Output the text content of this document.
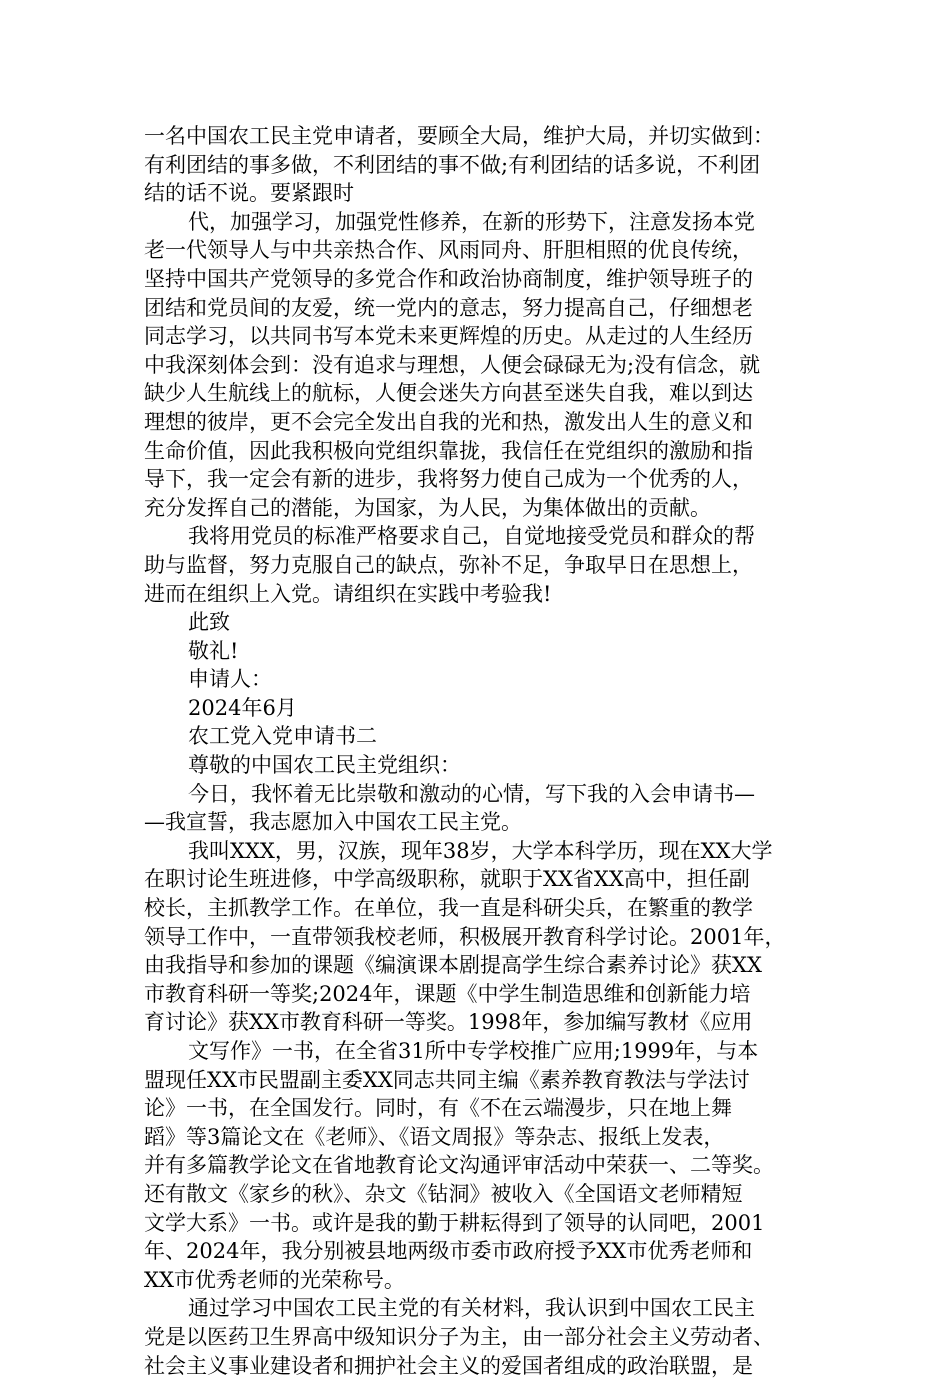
一名中国农工民主党申请者，要顾全大局，维护大局，并切实做到：
有利团结的事多做，不利团结的事不做;有利团结的话多说，不利团
结的话不说。要紧跟时
代，加强学习，加强党性修养，在新的形势下，注意发扬本党
老一代领导人与中共亲热合作、风雨同舟、肝胆相照的优良传统，
坚持中国共产党领导的多党合作和政治协商制度，维护领导班子的
团结和党员间的友爱，统一党内的意志，努力提高自己，仔细想老
同志学习，以共同书写本党未来更辉煌的历史。从走过的人生经历
中我深刻体会到：没有追求与理想，人便会碌碌无为;没有信念，就
缺少人生航线上的航标，人便会迷失方向甚至迷失自我，难以到达
理想的彼岸，更不会完全发出自我的光和热，激发出人生的意义和
生命价值，因此我积极向党组织靠拢，我信任在党组织的激励和指
导下，我一定会有新的进步，我将努力使自己成为一个优秀的人，
充分发挥自己的潜能，为国家，为人民，为集体做出的贡献。
我将用党员的标准严格要求自己，自觉地接受党员和群众的帮
助与监督，努力克服自己的缺点，弥补不足，争取早日在思想上，
进而在组织上入党。请组织在实践中考验我!
此致
敬礼!
申请人：
2024年6月
农工党入党申请书二
尊敬的中国农工民主党组织：
今日，我怀着无比崇敬和激动的心情，写下我的入会申请书—
—我宣誓，我志愿加入中国农工民主党。
我叫XXX，男，汉族，现年38岁，大学本科学历，现在XX大学
在职讨论生班进修，中学高级职称，就职于XX省XX高中，担任副
校长，主抓教学工作。在单位，我一直是科研尖兵，在繁重的教学
领导工作中，一直带领我校老师，积极展开教育科学讨论。2001年，
由我指导和参加的课题《编演课本剧提高学生综合素养讨论》获XX
市教育科研一等奖;2024年，课题《中学生制造思维和创新能力培
育讨论》获XX市教育科研一等奖。1998年，参加编写教材《应用
文写作》一书，在全省31所中专学校推广应用;1999年，与本
盟现任XX市民盟副主委XX同志共同主编《素养教育教法与学法讨
论》一书，在全国发行。同时，有《不在云端漫步，只在地上舞
蹈》等3篇论文在《老师》、《语文周报》等杂志、报纸上发表，
并有多篇教学论文在省地教育论文沟通评审活动中荣获一、二等奖。
还有散文《家乡的秋》、杂文《钻洞》被收入《全国语文老师精短
文学大系》一书。或许是我的勤于耕耘得到了领导的认同吧，2001
年、2024年，我分别被县地两级市委市政府授予XX市优秀老师和
XX市优秀老师的光荣称号。
通过学习中国农工民主党的有关材料，我认识到中国农工民主
党是以医药卫生界高中级知识分子为主，由一部分社会主义劳动者、
社会主义事业建设者和拥护社会主义的爱国者组成的政治联盟，是
